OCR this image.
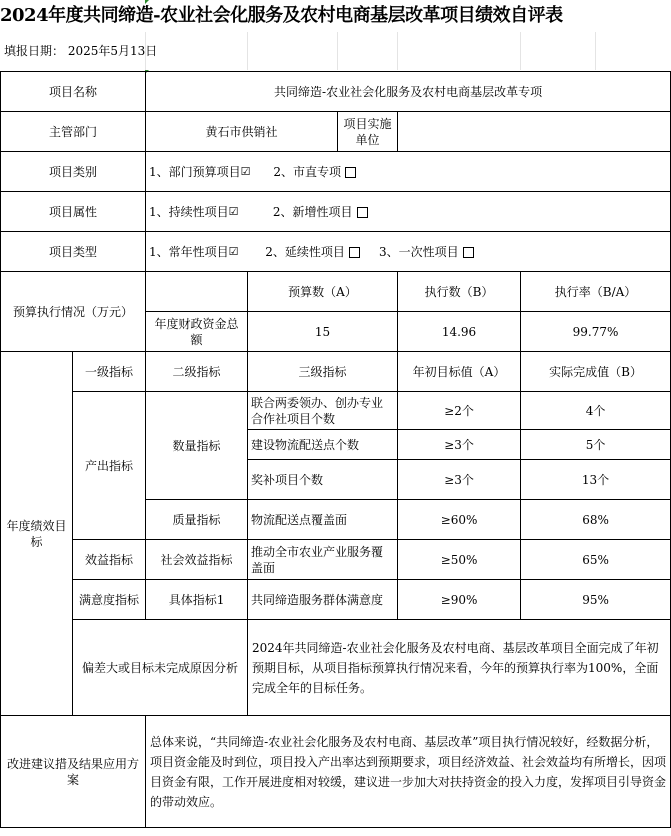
2024年度共同缔造-农业社会化服务及农村电商基层改革项目绩效自评表
填报日期： 2025年5月13日
项目名称		共同缔造-农业社会化服务及农村电商基层改革专项				
主管部门		黄石市供销社		项目实施单位		
项目类别		1、部门预算项目☑ 2、市直专项				
项目属性		1、持续性项目☑ 2、新增性项目				
项目类型		1、常年性项目☑ 2、延续性项目 3、一次性项目				
预算执行情况（万元）			预算数（A）		执行数（B）	执行率（B/A）
		年度财政资金总额	15		14.96	99.77%
年度绩效目标	一级指标	二级指标	三级指标		年初目标值（A）	实际完成值（B）
	产出指标	数量指标	联合两委领办、创办专业合作社项目个数		≥2个	4个
			建设物流配送点个数		≥3个	5个
			奖补项目个数		≥3个	13个
		质量指标	物流配送点覆盖面		≥60%	68%
	效益指标	社会效益指标	推动全市农业产业服务覆盖面		≥50%	65%
	满意度指标	具体指标1	共同缔造服务群体满意度		≥90%	95%
	偏差大或目标未完成原因分析		2024年共同缔造-农业社会化服务及农村电商、基层改革项目全面完成了年初预期目标，从项目指标预算执行情况来看，今年的预算执行率为100%，全面完成全年的目标任务。			
改进建议措及结果应用方案		总体来说，“共同缔造-农业社会化服务及农村电商、基层改革”项目执行情况较好，经数据分析，项目资金能及时到位，项目投入产出率达到预期要求，项目经济效益、社会效益均有所增长，因项目资金有限，工作开展进度相对较缓，建议进一步加大对扶持资金的投入力度，发挥项目引导资金的带动效应。				
